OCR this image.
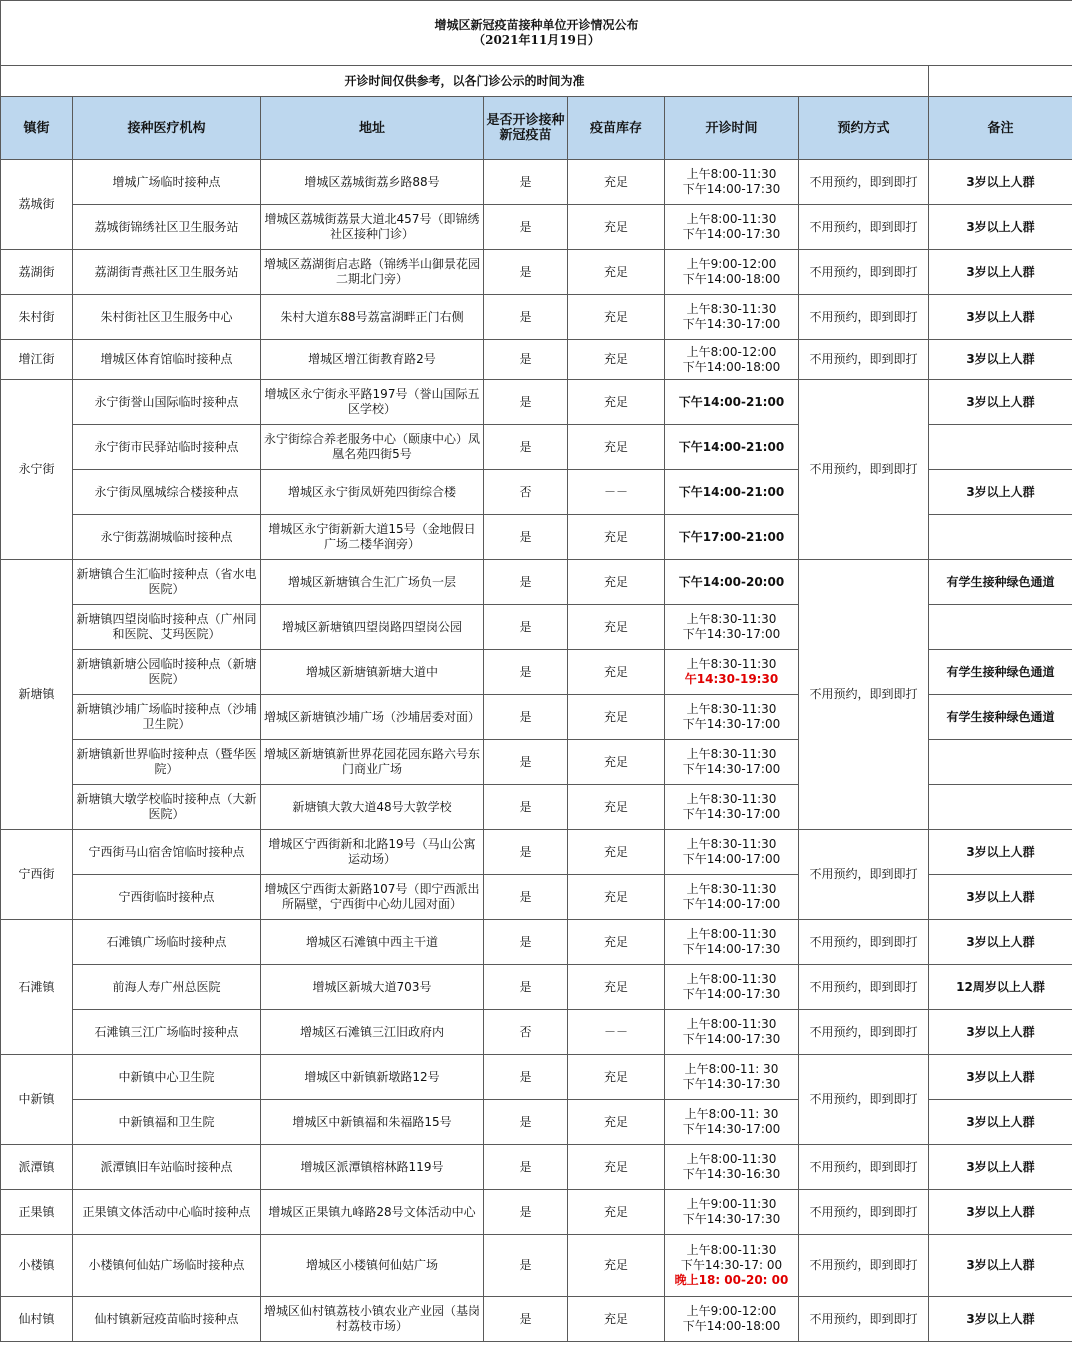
增城区新冠疫苗接种单位开诊情况公布
（2021年11月19日）							

开诊时间仅供参考，以各门诊公示的时间为准							
镇街	接种医疗机构	地址	是否开诊接种新冠疫苗	疫苗库存	开诊时间	预约方式	备注
荔城街	增城广场临时接种点	增城区荔城街荔乡路88号	是	充足	上午8:00-11:30
下午14:00-17:30	不用预约，即到即打	3岁以上人群
	荔城街锦绣社区卫生服务站	增城区荔城街荔景大道北457号（即锦绣社区接种门诊）	是	充足	上午8:00-11:30
下午14:00-17:30	不用预约，即到即打	3岁以上人群
荔湖街	荔湖街青燕社区卫生服务站	增城区荔湖街启志路（锦绣半山御景花园二期北门旁）	是	充足	上午9:00-12:00
下午14:00-18:00	不用预约，即到即打	3岁以上人群
朱村街	朱村街社区卫生服务中心	朱村大道东88号荔富湖畔正门右侧	是	充足	上午8:30-11:30
下午14:30-17:00	不用预约，即到即打	3岁以上人群
增江街	增城区体育馆临时接种点	增城区增江街教育路2号	是	充足	上午8:00-12:00
下午14:00-18:00	不用预约，即到即打	3岁以上人群
永宁街	永宁街誉山国际临时接种点	增城区永宁街永平路197号（誉山国际五区学校）	是	充足	下午14:00-21:00	不用预约，即到即打	3岁以上人群
	永宁街市民驿站临时接种点	永宁街综合养老服务中心（颐康中心）凤凰名苑四街5号	是	充足	下午14:00-21:00		
	永宁街凤凰城综合楼接种点	增城区永宁街凤妍苑四街综合楼	否	－－	下午14:00-21:00		3岁以上人群
	永宁街荔湖城临时接种点	增城区永宁街新新大道15号（金地假日广场二楼华润旁）	是	充足	下午17:00-21:00		
新塘镇	新塘镇合生汇临时接种点（省水电医院）	增城区新塘镇合生汇广场负一层	是	充足	下午14:00-20:00	不用预约，即到即打	有学生接种绿色通道
	新塘镇四望岗临时接种点（广州同和医院、艾玛医院）	增城区新塘镇四望岗路四望岗公园	是	充足	上午8:30-11:30
下午14:30-17:00		

	新塘镇新塘公园临时接种点（新塘医院）	增城区新塘镇新塘大道中	是	充足	上午8:30-11:30
午14:30-19:30		有学生接种绿色通道
	新塘镇沙埔广场临时接种点（沙埔卫生院）	增城区新塘镇沙埔广场（沙埔居委对面）	是	充足	上午8:30-11:30
下午14:30-17:00		有学生接种绿色通道
	新塘镇新世界临时接种点（暨华医院）	增城区新塘镇新世界花园花园东路六号东门商业广场	是	充足	上午8:30-11:30
下午14:30-17:00		

	新塘镇大墩学校临时接种点（大新医院）	新塘镇大敦大道48号大敦学校	是	充足	上午8:30-11:30
下午14:30-17:00		

宁西街	宁西街马山宿舍馆临时接种点	增城区宁西街新和北路19号（马山公寓运动场）	是	充足	上午8:30-11:30
下午14:00-17:00	不用预约，即到即打	3岁以上人群
	宁西街临时接种点	增城区宁西街太新路107号（即宁西派出所隔壁，宁西街中心幼儿园对面）	是	充足	上午8:30-11:30
下午14:00-17:00		3岁以上人群
石滩镇	石滩镇广场临时接种点	增城区石滩镇中西主干道	是	充足	上午8:00-11:30
下午14:00-17:30	不用预约，即到即打	3岁以上人群
	前海人寿广州总医院	增城区新城大道703号	是	充足	上午8:00-11:30
下午14:00-17:30	不用预约，即到即打	12周岁以上人群
	石滩镇三江广场临时接种点	增城区石滩镇三江旧政府内	否	－－	上午8:00-11:30
下午14:00-17:30	不用预约，即到即打	3岁以上人群
中新镇	中新镇中心卫生院	增城区中新镇新墩路12号	是	充足	上午8:00-11: 30
下午14:30-17:30	不用预约，即到即打	3岁以上人群
	中新镇福和卫生院	增城区中新镇福和朱福路15号	是	充足	上午8:00-11: 30
下午14:30-17:00		3岁以上人群
派潭镇	派潭镇旧车站临时接种点	增城区派潭镇榕林路119号	是	充足	上午8:00-11:30
下午14:30-16:30	不用预约，即到即打	3岁以上人群
正果镇	正果镇文体活动中心临时接种点	增城区正果镇九峰路28号文体活动中心	是	充足	上午9:00-11:30
下午14:30-17:30	不用预约，即到即打	3岁以上人群
小楼镇	小楼镇何仙姑广场临时接种点	增城区小楼镇何仙姑广场	是	充足	上午8:00-11:30
下午14:30-17: 00
晚上18: 00-20: 00	不用预约，即到即打	3岁以上人群
仙村镇	仙村镇新冠疫苗临时接种点	增城区仙村镇荔枝小镇农业产业园（基岗村荔枝市场）	是	充足	上午9:00-12:00
下午14:00-18:00	不用预约，即到即打	3岁以上人群
